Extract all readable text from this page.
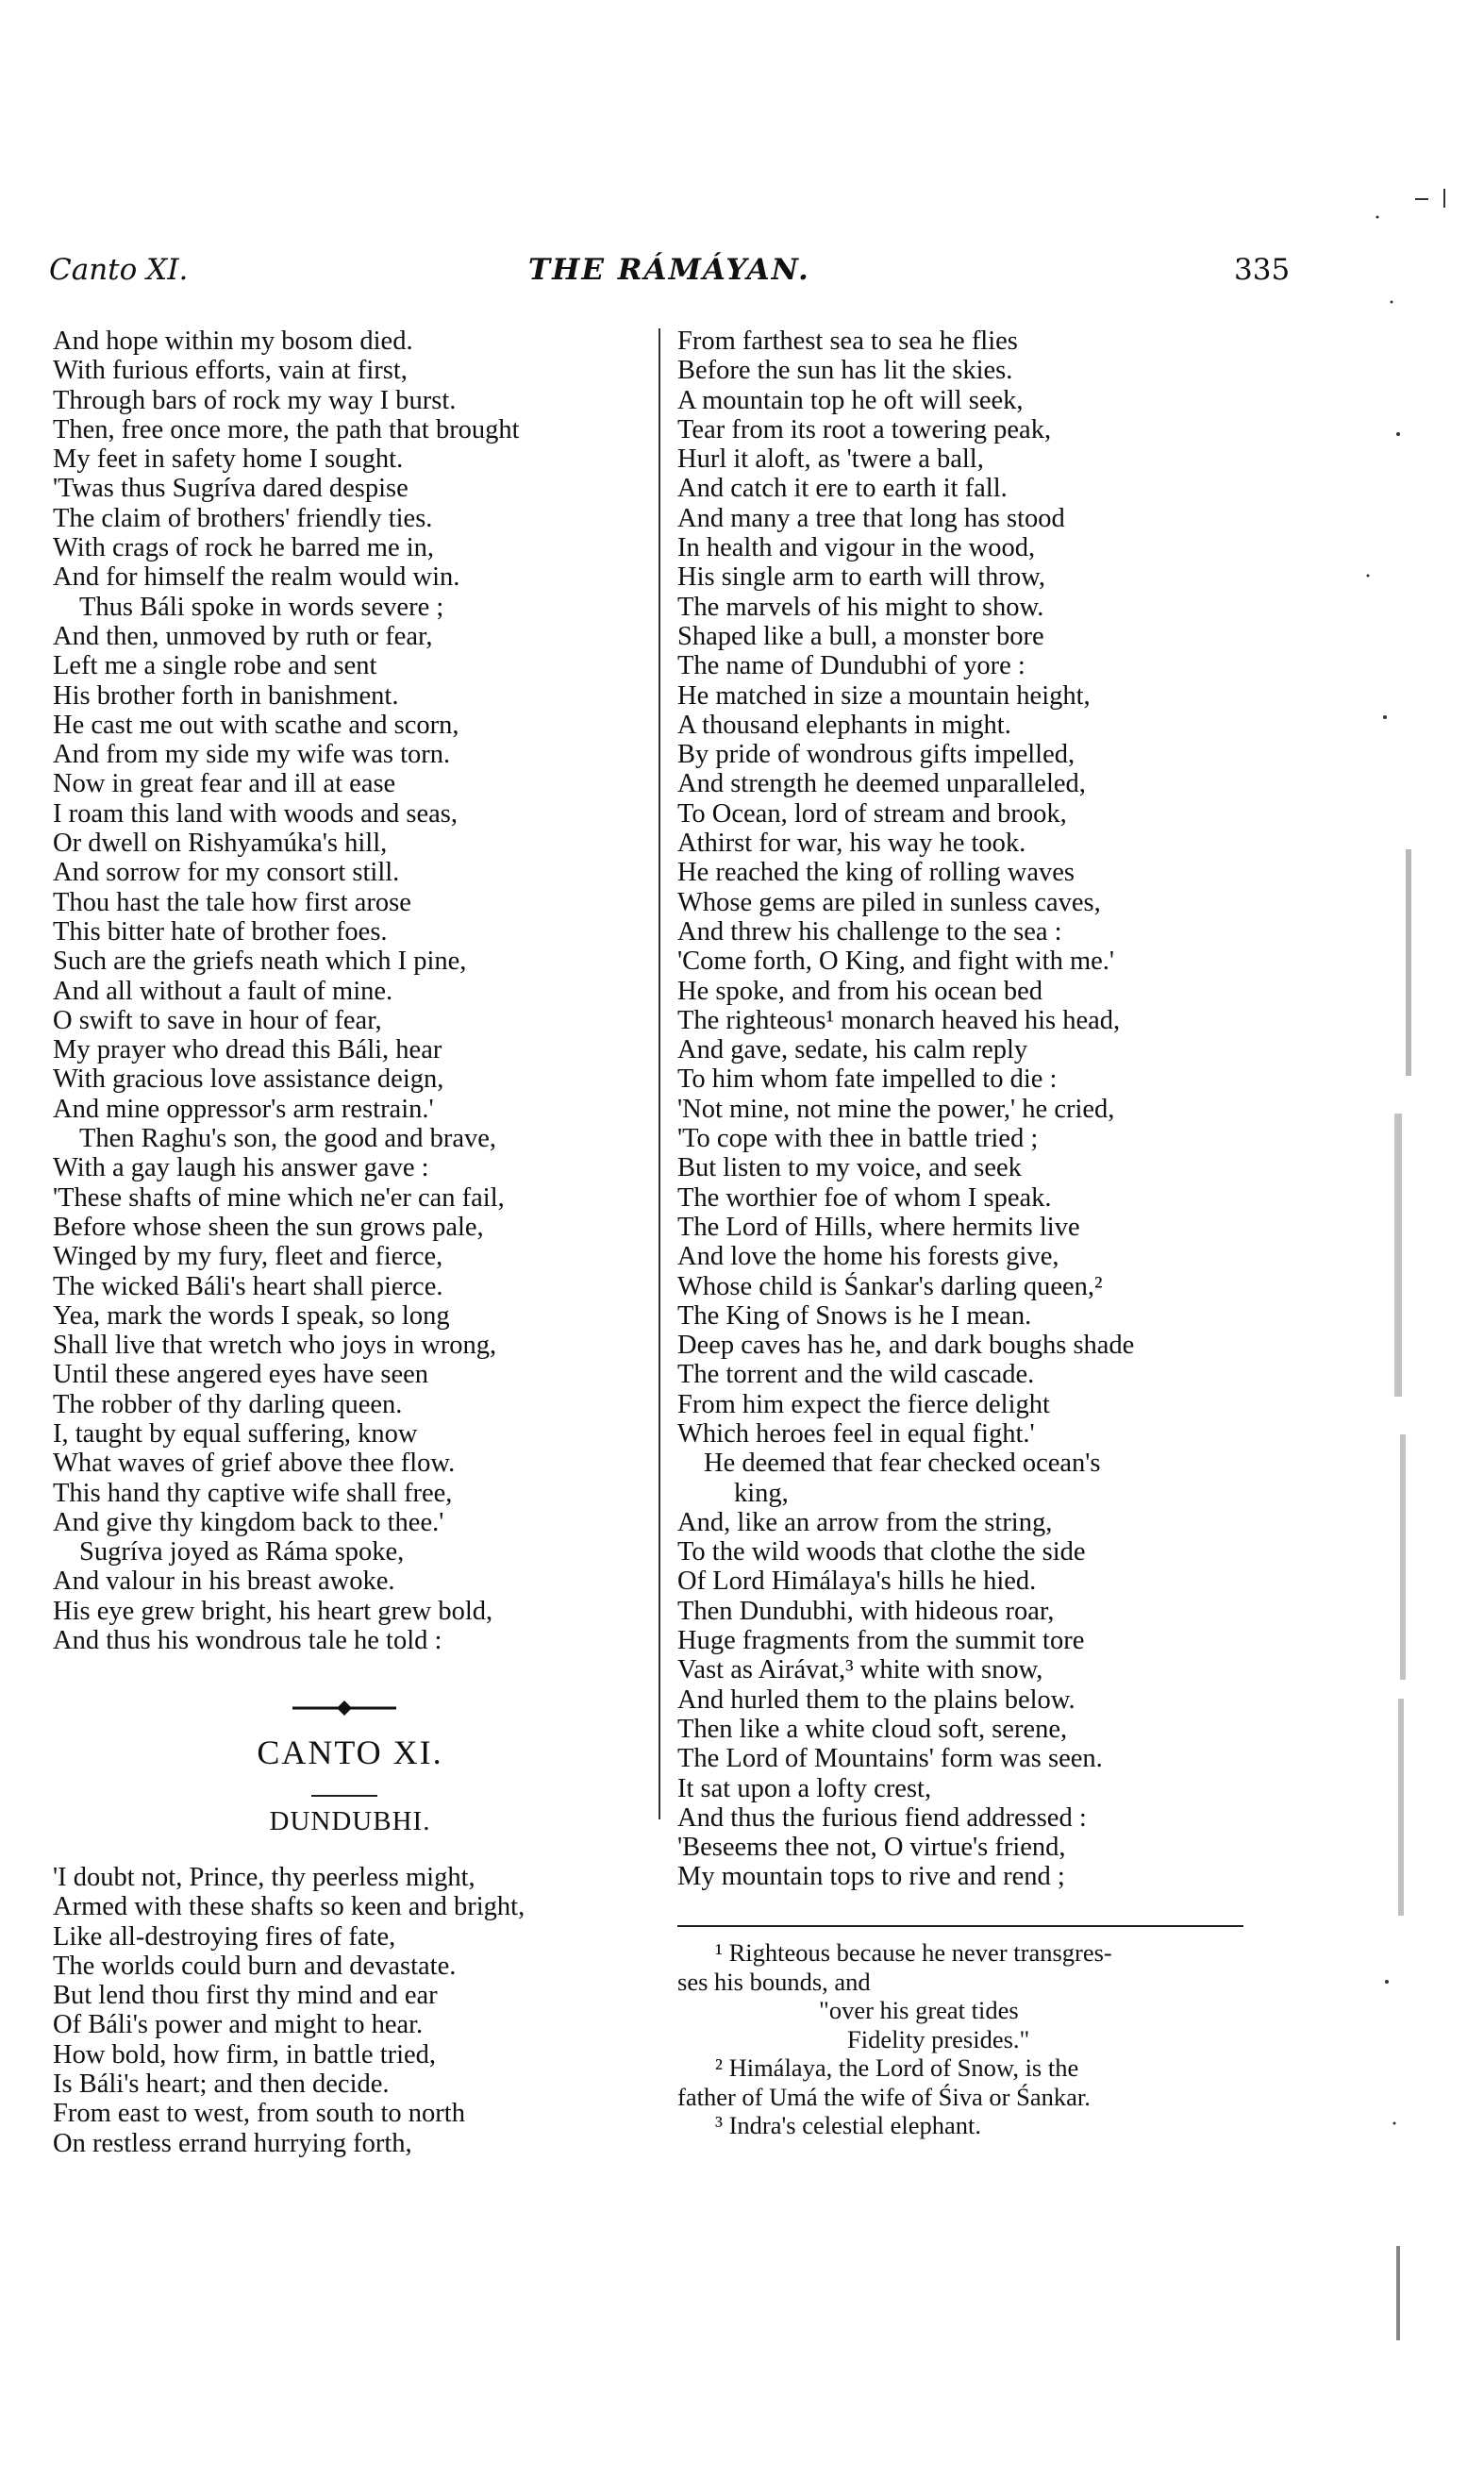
Canto XI.	THE RÁMÁYAN.	335
And hope within my bosom died.
With furious efforts, vain at first,
Through bars of rock my way I burst.
Then, free once more, the path that brought
My feet in safety home I sought.
'Twas thus Sugríva dared despise
The claim of brothers' friendly ties.
With crags of rock he barred me in,
And for himself the realm would win.
Thus Báli spoke in words severe ;
And then, unmoved by ruth or fear,
Left me a single robe and sent
His brother forth in banishment.
He cast me out with scathe and scorn,
And from my side my wife was torn.
Now in great fear and ill at ease
I roam this land with woods and seas,
Or dwell on Rishyamúka's hill,
And sorrow for my consort still.
Thou hast the tale how first arose
This bitter hate of brother foes.
Such are the griefs neath which I pine,
And all without a fault of mine.
O swift to save in hour of fear,
My prayer who dread this Báli, hear
With gracious love assistance deign,
And mine oppressor's arm restrain.'
Then Raghu's son, the good and brave,
With a gay laugh his answer gave :
'These shafts of mine which ne'er can fail,
Before whose sheen the sun grows pale,
Winged by my fury, fleet and fierce,
The wicked Báli's heart shall pierce.
Yea, mark the words I speak, so long
Shall live that wretch who joys in wrong,
Until these angered eyes have seen
The robber of thy darling queen.
I, taught by equal suffering, know
What waves of grief above thee flow.
This hand thy captive wife shall free,
And give thy kingdom back to thee.'
Sugríva joyed as Ráma spoke,
And valour in his breast awoke.
His eye grew bright, his heart grew bold,
And thus his wondrous tale he told :
CANTO XI.
DUNDUBHI.
'I doubt not, Prince, thy peerless might,
Armed with these shafts so keen and bright,
Like all-destroying fires of fate,
The worlds could burn and devastate.
But lend thou first thy mind and ear
Of Báli's power and might to hear.
How bold, how firm, in battle tried,
Is Báli's heart; and then decide.
From east to west, from south to north
On restless errand hurrying forth,
From farthest sea to sea he flies
Before the sun has lit the skies.
A mountain top he oft will seek,
Tear from its root a towering peak,
Hurl it aloft, as 'twere a ball,
And catch it ere to earth it fall.
And many a tree that long has stood
In health and vigour in the wood,
His single arm to earth will throw,
The marvels of his might to show.
Shaped like a bull, a monster bore
The name of Dundubhi of yore :
He matched in size a mountain height,
A thousand elephants in might.
By pride of wondrous gifts impelled,
And strength he deemed unparalleled,
To Ocean, lord of stream and brook,
Athirst for war, his way he took.
He reached the king of rolling waves
Whose gems are piled in sunless caves,
And threw his challenge to the sea :
'Come forth, O King, and fight with me.'
He spoke, and from his ocean bed
The righteous¹ monarch heaved his head,
And gave, sedate, his calm reply
To him whom fate impelled to die :
'Not mine, not mine the power,' he cried,
'To cope with thee in battle tried ;
But listen to my voice, and seek
The worthier foe of whom I speak.
The Lord of Hills, where hermits live
And love the home his forests give,
Whose child is Śankar's darling queen,²
The King of Snows is he I mean.
Deep caves has he, and dark boughs shade
The torrent and the wild cascade.
From him expect the fierce delight
Which heroes feel in equal fight.'
He deemed that fear checked ocean's
king,
And, like an arrow from the string,
To the wild woods that clothe the side
Of Lord Himálaya's hills he hied.
Then Dundubhi, with hideous roar,
Huge fragments from the summit tore
Vast as Airávat,³ white with snow,
And hurled them to the plains below.
Then like a white cloud soft, serene,
The Lord of Mountains' form was seen.
It sat upon a lofty crest,
And thus the furious fiend addressed :
'Beseems thee not, O virtue's friend,
My mountain tops to rive and rend ;
¹ Righteous because he never transgres-
ses his bounds, and
"over his great tides
Fidelity presides."
² Himálaya, the Lord of Snow, is the
father of Umá the wife of Śiva or Śankar.
³ Indra's celestial elephant.
